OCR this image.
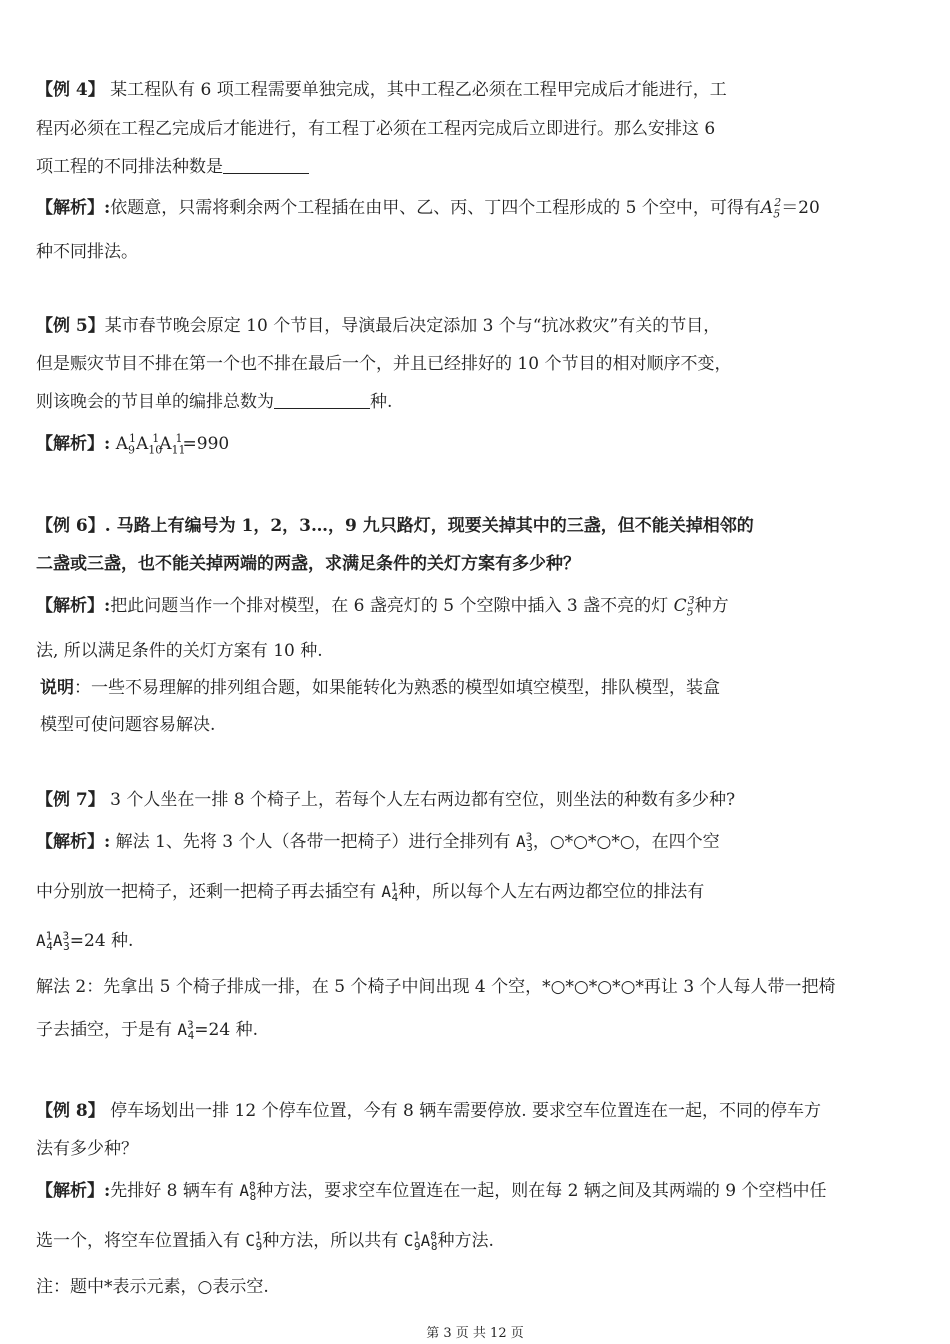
【例 4】 某工程队有 6 项工程需要单独完成，其中工程乙必须在工程甲完成后才能进行，工
程丙必须在工程乙完成后才能进行，有工程丁必须在工程丙完成后立即进行。那么安排这 6
项工程的不同排法种数是
【解析】:依题意，只需将剩余两个工程插在由甲、乙、丙、丁四个工程形成的 5 个空中，可得有$A_5^2=20$
种不同排法。
【例 5】某市春节晚会原定 10 个节目，导演最后决定添加 3 个与“抗冰救灾”有关的节目，
但是赈灾节目不排在第一个也不排在最后一个，并且已经排好的 10 个节目的相对顺序不变，
则该晚会的节目单的编排总数为	种.
【解析】: $A_9^1A_{10}^1A_{11}^1=990$
【例 6】. 马路上有编号为 1，2，3…，9 九只路灯，现要关掉其中的三盏，但不能关掉相邻的
二盏或三盏，也不能关掉两端的两盏，求满足条件的关灯方案有多少种？
【解析】:把此问题当作一个排对模型，在 6 盏亮灯的 5 个空隙中插入 3 盏不亮的灯 $C_5^3$种方
法, 所以满足条件的关灯方案有 10 种.
说明：一些不易理解的排列组合题，如果能转化为熟悉的模型如填空模型，排队模型，装盒
模型可使问题容易解决.
【例 7】 3 个人坐在一排 8 个椅子上，若每个人左右两边都有空位，则坐法的种数有多少种?
【解析】: 解法 1、先将 3 个人（各带一把椅子）进行全排列有 $A^3_3$，○*○*○*○，在四个空
中分别放一把椅子，还剩一把椅子再去插空有 $A^1_4$种，所以每个人左右两边都空位的排法有
$A^1_4A^3_3=24$ 种.
解法 2：先拿出 5 个椅子排成一排，在 5 个椅子中间出现 4 个空，*○*○*○*○*再让 3 个人每人带一把椅
子去插空，于是有 $A^3_4=24$ 种.
【例 8】 停车场划出一排 12 个停车位置，今有 8 辆车需要停放. 要求空车位置连在一起，不同的停车方
法有多少种？
【解析】:先排好 8 辆车有 $A^8_8$种方法，要求空车位置连在一起，则在每 2 辆之间及其两端的 9 个空档中任
选一个，将空车位置插入有 $C^1_9$种方法，所以共有 $C^1_9A^8_8$种方法.
注：题中*表示元素，○表示空.
第 3 页 共 12 页
